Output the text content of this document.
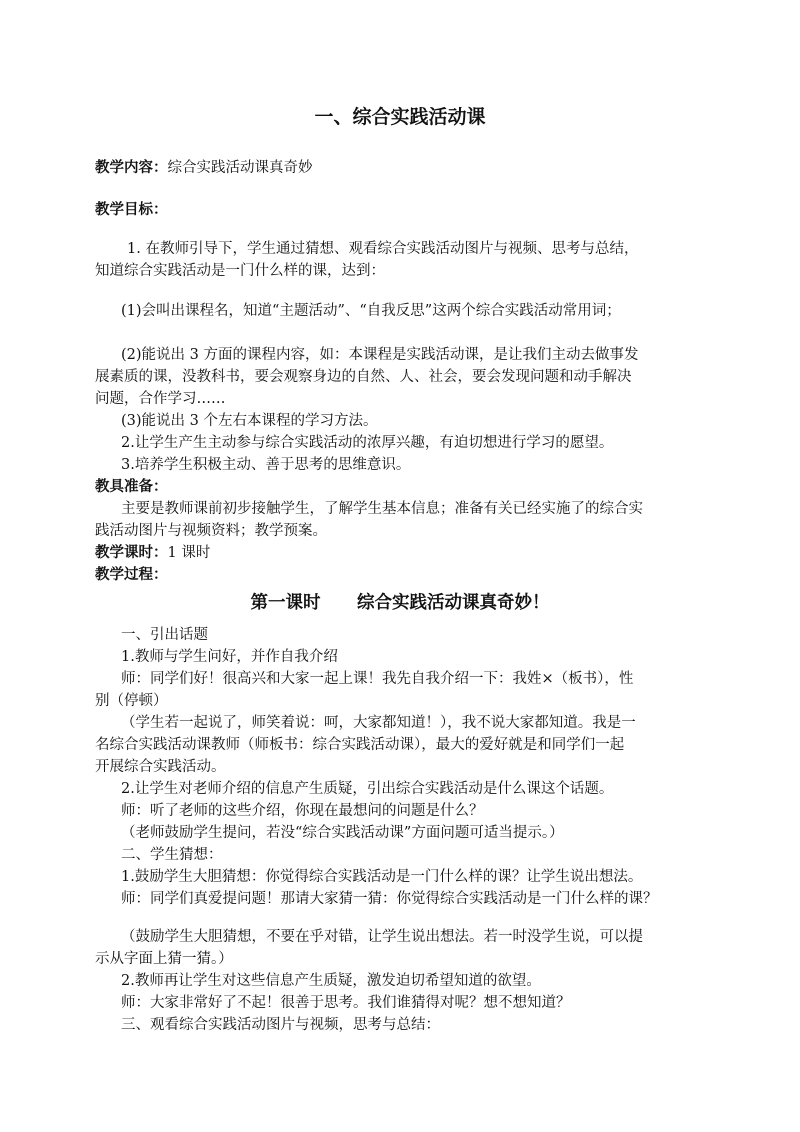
一、综合实践活动课

教学内容：综合实践活动课真奇妙

教学目标：

1. 在教师引导下，学生通过猜想、观看综合实践活动图片与视频、思考与总结，

知道综合实践活动是一门什么样的课，达到：

(1)会叫出课程名，知道“主题活动”、“自我反思”这两个综合实践活动常用词；

(2)能说出 3 方面的课程内容，如：本课程是实践活动课，是让我们主动去做事发

展素质的课，没教科书，要会观察身边的自然、人、社会，要会发现问题和动手解决

问题，合作学习……

(3)能说出 3 个左右本课程的学习方法。

2.让学生产生主动参与综合实践活动的浓厚兴趣，有迫切想进行学习的愿望。

3.培养学生积极主动、善于思考的思维意识。

教具准备：

主要是教师课前初步接触学生，了解学生基本信息；准备有关已经实施了的综合实

践活动图片与视频资料；教学预案。

教学课时：1 课时

教学过程：

第一课时      综合实践活动课真奇妙！

一、引出话题

1.教师与学生问好，并作自我介绍

师：同学们好！很高兴和大家一起上课！我先自我介绍一下：我姓×（板书），性

别（停顿）

（学生若一起说了，师笑着说：呵，大家都知道！），我不说大家都知道。我是一

名综合实践活动课教师（师板书：综合实践活动课），最大的爱好就是和同学们一起

开展综合实践活动。

2.让学生对老师介绍的信息产生质疑，引出综合实践活动是什么课这个话题。

师：听了老师的这些介绍，你现在最想问的问题是什么？

（老师鼓励学生提问，若没“综合实践活动课”方面问题可适当提示。）

二、学生猜想：

1.鼓励学生大胆猜想：你觉得综合实践活动是一门什么样的课？让学生说出想法。

师：同学们真爱提问题！那请大家猜一猜：你觉得综合实践活动是一门什么样的课？

（鼓励学生大胆猜想，不要在乎对错，让学生说出想法。若一时没学生说，可以提

示从字面上猜一猜。）

2.教师再让学生对这些信息产生质疑，激发迫切希望知道的欲望。

师：大家非常好了不起！很善于思考。我们谁猜得对呢？想不想知道？

三、观看综合实践活动图片与视频，思考与总结：
